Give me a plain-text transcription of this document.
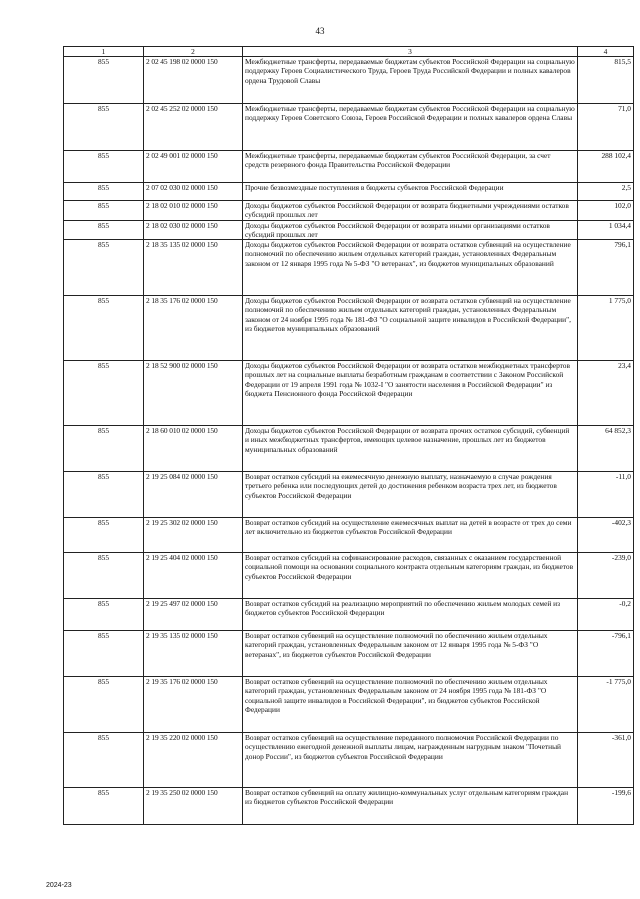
43
1	2	3	4
855	2 02 45 198 02 0000 150	Межбюджетные трансферты, передаваемые бюджетам субъектов Российской Федерации на социальную поддержку Героев Социалистического Труда, Героев Труда Российской Федерации и полных кавалеров ордена Трудовой Славы	815,5
855	2 02 45 252 02 0000 150	Межбюджетные трансферты, передаваемые бюджетам субъектов Российской Федерации на социальную поддержку Героев Советского Союза, Героев Российской Федерации и полных кавалеров ордена Славы	71,0
855	2 02 49 001 02 0000 150	Межбюджетные трансферты, передаваемые бюджетам субъектов Российской Федерации, за счет средств резервного фонда Правительства Российской Федерации	288 102,4
855	2 07 02 030 02 0000 150	Прочие безвозмездные поступления в бюджеты субъектов Российской Федерации	2,5
855	2 18 02 010 02 0000 150	Доходы бюджетов субъектов Российской Федерации от возврата бюджетными учреждениями остатков субсидий прошлых лет	102,0
855	2 18 02 030 02 0000 150	Доходы бюджетов субъектов Российской Федерации от возврата иными организациями остатков субсидий прошлых лет	1 034,4
855	2 18 35 135 02 0000 150	Доходы бюджетов субъектов Российской Федерации от возврата остатков субвенций на осуществление полномочий по обеспечению жильем отдельных категорий граждан, установленных Федеральным законом от 12 января 1995 года № 5-ФЗ "О ветеранах", из бюджетов муниципальных образований	796,1
855	2 18 35 176 02 0000 150	Доходы бюджетов субъектов Российской Федерации от возврата остатков субвенций на осуществление полномочий по обеспечению жильем отдельных категорий граждан, установленных Федеральным законом от 24 ноября 1995 года № 181-ФЗ "О социальной защите инвалидов в Российской Федерации", из бюджетов муниципальных образований	1 775,0
855	2 18 52 900 02 0000 150	Доходы бюджетов субъектов Российской Федерации от возврата остатков межбюджетных трансфертов прошлых лет на социальные выплаты безработным гражданам в соответствии с Законом Российской Федерации от 19 апреля 1991 года № 1032-I "О занятости населения в Российской Федерации" из бюджета Пенсионного фонда Российской Федерации	23,4
855	2 18 60 010 02 0000 150	Доходы бюджетов субъектов Российской Федерации от возврата прочих остатков субсидий, субвенций и иных межбюджетных трансфертов, имеющих целевое назначение, прошлых лет из бюджетов муниципальных образований	64 852,3
855	2 19 25 084 02 0000 150	Возврат остатков субсидий на ежемесячную денежную выплату, назначаемую в случае рождения третьего ребенка или последующих детей до достижения ребенком возраста трех лет, из бюджетов субъектов Российской Федерации	-11,0
855	2 19 25 302 02 0000 150	Возврат остатков субсидий на осуществление ежемесячных выплат на детей в возрасте от трех до семи лет включительно из бюджетов субъектов Российской Федерации	-402,3
855	2 19 25 404 02 0000 150	Возврат остатков субсидий на софинансирование расходов, связанных с оказанием государственной социальной помощи на основании социального контракта отдельным категориям граждан, из бюджетов субъектов Российской Федерации	-239,0
855	2 19 25 497 02 0000 150	Возврат остатков субсидий на реализацию мероприятий по обеспечению жильем молодых семей из бюджетов субъектов Российской Федерации	-0,2
855	2 19 35 135 02 0000 150	Возврат остатков субвенций на осуществление полномочий по обеспечению жильем отдельных категорий граждан, установленных Федеральным законом от 12 января 1995 года № 5-ФЗ "О ветеранах", из бюджетов субъектов Российской Федерации	-796,1
855	2 19 35 176 02 0000 150	Возврат остатков субвенций на осуществление полномочий по обеспечению жильем отдельных категорий граждан, установленных Федеральным законом от 24 ноября 1995 года № 181-ФЗ "О социальной защите инвалидов в Российской Федерации", из бюджетов субъектов Российской Федерации	-1 775,0
855	2 19 35 220 02 0000 150	Возврат остатков субвенций на осуществление переданного полномочия Российской Федерации по осуществлению ежегодной денежной выплаты лицам, награжденным нагрудным знаком "Почетный донор России", из бюджетов субъектов Российской Федерации	-361,0
855	2 19 35 250 02 0000 150	Возврат остатков субвенций на оплату жилищно-коммунальных услуг отдельным категориям граждан из бюджетов субъектов Российской Федерации	-199,6
2024-23
